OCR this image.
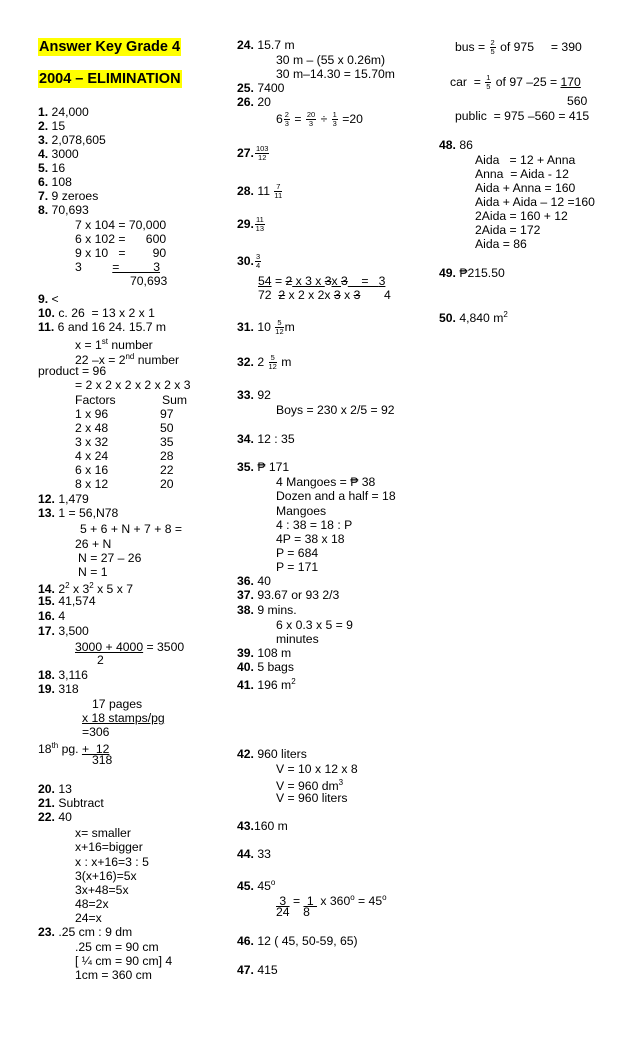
Answer Key Grade 4
2004 – ELIMINATION
1. 24,000
2. 15
3. 2,078,605
4. 3000
5. 16
6. 108
7. 9 zeroes
8. 70,693
7 x 104 = 70,000
6 x 102 =      600
9 x 10   =        90
3         =          3
70,693
9. <
10. c. 26  = 13 x 2 x 1
11. 6 and 16 24. 15.7 m
x = 1st number
22 –x = 2nd number
product = 96
= 2 x 2 x 2 x 2 x 2 x 3
Factors	Sum
1 x 96	97
2 x 48	50
3 x 32	35
4 x 24	28
6 x 16	22
8 x 12	20
12. 1,479
13. 1 = 56,N78
5 + 6 + N + 7 + 8 =
26 + N
N = 27 – 26
N = 1
14. $2^2$ x $3^2$ x 5 x 7
15. 41,574
16. 4
17. 3,500
3000 + 4000 = 3500
2
18. 3,116
19. 318
17 pages
x 18 stamps/pg
=306
18th pg. +  12
318
20. 13
21. Subtract
22. 40
x= smaller
x+16=bigger
x : x+16=3 : 5
3(x+16)=5x
3x+48=5x
48=2x
24=x
23. .25 cm : 9 dm
.25 cm = 90 cm
[ ¼ cm = 90 cm] 4
1cm = 360 cm
24. 15.7 m
30 m – (55 x 0.26m)
30 m–14.30 = 15.70m
25. 7400
26. 20
$6 \frac{2}{3} = \frac{20}{3} \div \frac{1}{3} =20$
27. $\frac{103}{12}$
28. $11 \frac{7}{11}$
29. $\frac{11}{13}$
30. $\frac{3}{4}$
54 = 2 x 3 x 3x 3    =   3
72  2 x 2 x 2x 3 x 3       4
31. $10 \frac{5}{12}$ m
32. $2 \frac{5}{12}$ m
33. 92
Boys = 230 x 2/5 = 92
34. 12 : 35
35. ₱ 171
4 Mangoes = ₱ 38
Dozen and a half = 18
Mangoes
4 : 38 = 18 : P
4P = 38 x 18
P = 684
P = 171
36. 40
37. 93.67 or 93 2/3
38. 9 mins.
6 x 0.3 x 5 = 9
minutes
39. 108 m
40. 5 bags
41. 196 $m^2$
42. 960 liters
V = 10 x 12 x 8
V = 960 $dm^3$
V = 960 liters
43.160 m
44. 33
45. 45$^o$
3  =  1  x $360^o = 45^o$
24    8
46. 12 ( 45, 50-59, 65)
47. 415
bus = $\frac{2}{5}$ of 975     = 390
car  = $\frac{1}{5}$ of 97 –25 = 170
560
public  = 975 –560 = 415
48. 86
Aida   = 12 + Anna
Anna  = Aida - 12
Aida + Anna = 160
Aida + Aida – 12 =160
2Aida = 160 + 12
2Aida = 172
Aida = 86
49. ₱215.50
50. 4,840 $m^2$
